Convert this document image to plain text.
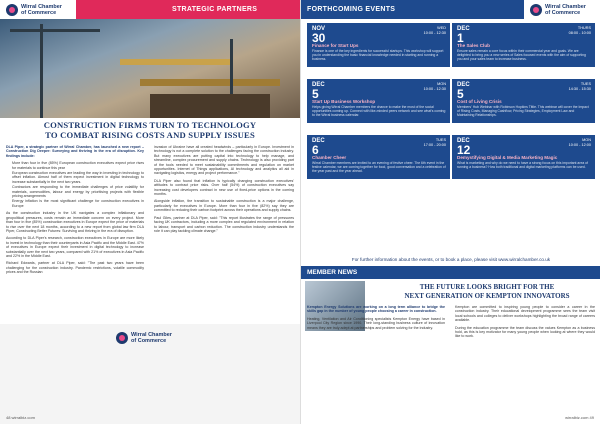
Wirral Chamber
of Commerce	STRATEGIC PARTNERS
CONSTRUCTION FIRMS TURN TO TECHNOLOGY
TO COMBAT RISING COSTS AND SUPPLY ISSUES

DLA Piper, a strategic partner of Wirral Chamber, has launched a new report – Construction Dig Deeper: Surveying and thriving in the era of disruption. Key findings include:

• More than four in five (85%) European construction executives expect price rises for materials to continue this year
• European construction executives are leading the way in investing in technology to offset inflation. Almost half of them expect investment in digital technology to increase substantially in the next two years.
• Contractors are responding to the immediate challenges of price volatility for materials, commodities, labour and energy by prioritising projects with flexible pricing arrangements
• Energy inflation is the most significant challenge for construction executives in Europe

As the construction industry in the UK navigates a complex inflationary and geopolitical pressures, costs remain an immediate concern on every project. More than four in five (85%) construction executives in Europe expect the price of materials to rise over the next 18 months, according to a new report from global law firm DLA Piper, Constructing Better Futures: Surviving and thriving in the era of disruption.

According to DLA Piper's research, construction executives in Europe are more likely to invest in technology than their counterparts in Asia Pacific and the Middle East. 47% of executives in Europe expect their investment in digital technology to increase substantially over the next two years, compared with 21% of executives in Asia Pacific and 22% in the Middle East.

Richard Edwards, partner at DLA Piper, said: "The past two years have been challenging for the construction industry. Pandemic restrictions, volatile commodity prices and the Russian

invasion of Ukraine have all created headwinds – particularly in Europe. Investment in technology is not a complete solution to the challenges facing the construction industry. But many executives are putting capital into technology to help manage, and streamline, complex procurement and supply chains. Technology is also providing part of the tools needed to meet sustainability commitments and regulation on market opportunities. Internet of Things applications, AI technology and analytics all aid in navigating logistics, energy and project performance."

DLA Piper also found that inflation is typically changing construction executives' attitudes to contract price risks. Over half (54%) of construction executives say increasing cost developers contract in new use of fixed-price options in the coming months.

Alongside inflation, the transition to sustainable construction is a major challenge, particularly for executives in Europe. More than four in five (82%) say they are committed to reducing their carbon footprint across their operations and supply chains.

Paul Giles, partner at DLA Piper, said: "This report illustrates the range of pressures facing UK contractors, including a more complex and regulated environment in relation to labour, transport and carbon reduction. The construction industry understands the role it can play tackling climate change."

Wirral Chamber
of Commerce
48 wirralbiz.com
FORTHCOMING EVENTS	Wirral Chamber
of Commerce
NOV
30
WED
10:00 - 12:30
Finance for Start Ups
Finance is one of the key ingredients for successful startups. This workshop will support you in understanding the basic financial knowledge needed in starting and running a business.
DEC
1
THURS
08:00 - 10:00
The Sales Club
Ensure sales remain a core focus within their commercial year and goals. We are delighted to bring you a new series of Sales focused events with the aim of supporting you and your sales team to increase business.
DEC
5
MON
10:00 - 12:30
Start Up Business Workshop
Helps giving Wirral Chamber members the chance to make the most of the social opportunities coming up. Connect with like-minded peers network and see what's coming to the Wirral business calendar.
DEC
5
TUES
14:30 - 15:30
Cost of Living Crisis
Members' Hub Webinar with Robinson Hopkins Tittle. This webinar will cover the Impact of Rising Costs, Managing Cashflow, Pricing Strategies, Employment Law and Maintaining Relationships.
DEC
6
TUES
17:00 - 20:00
Chamber Cheer
Wirral Chamber members are invited to an evening of festive cheer. The 6th event in the festive calendar, we are coming together for food, good conversation and a celebration of the year past and the year ahead.
DEC
12
MON
10:00 - 12:00
Demystifying Digital & Media Marketing Magic
What is marketing and why do we need to have a strong focus on this important area of running a business? How both traditional and digital marketing platforms can be used.
For further information about the events, or to book a place, please visit www.wirralchamber.co.uk
MEMBER NEWS
THE FUTURE LOOKS BRIGHT FOR THE
NEXT GENERATION OF KEMPTON INNOVATORS

Kempton Energy Solutions are working on a long term alliance to bridge the skills gap in the number of young people choosing a career in construction.

Heating, Ventilation and Air Conditioning specialists Kempton Energy have based in Liverpool City Region since 1990. Their long-standing business culture of innovation means they are truly adept at partnerships and problem solving for the industry.

Kempton are committed to inspiring young people to consider a career in the construction industry. Their educational development programme sees the team visit local schools and colleges to deliver workshops highlighting the broad range of careers available.

During the education programme the team discuss the values Kempton as a business hold, as this is key motivator for many young people when looking at where they would like to work.

wirralbiz.com 49
